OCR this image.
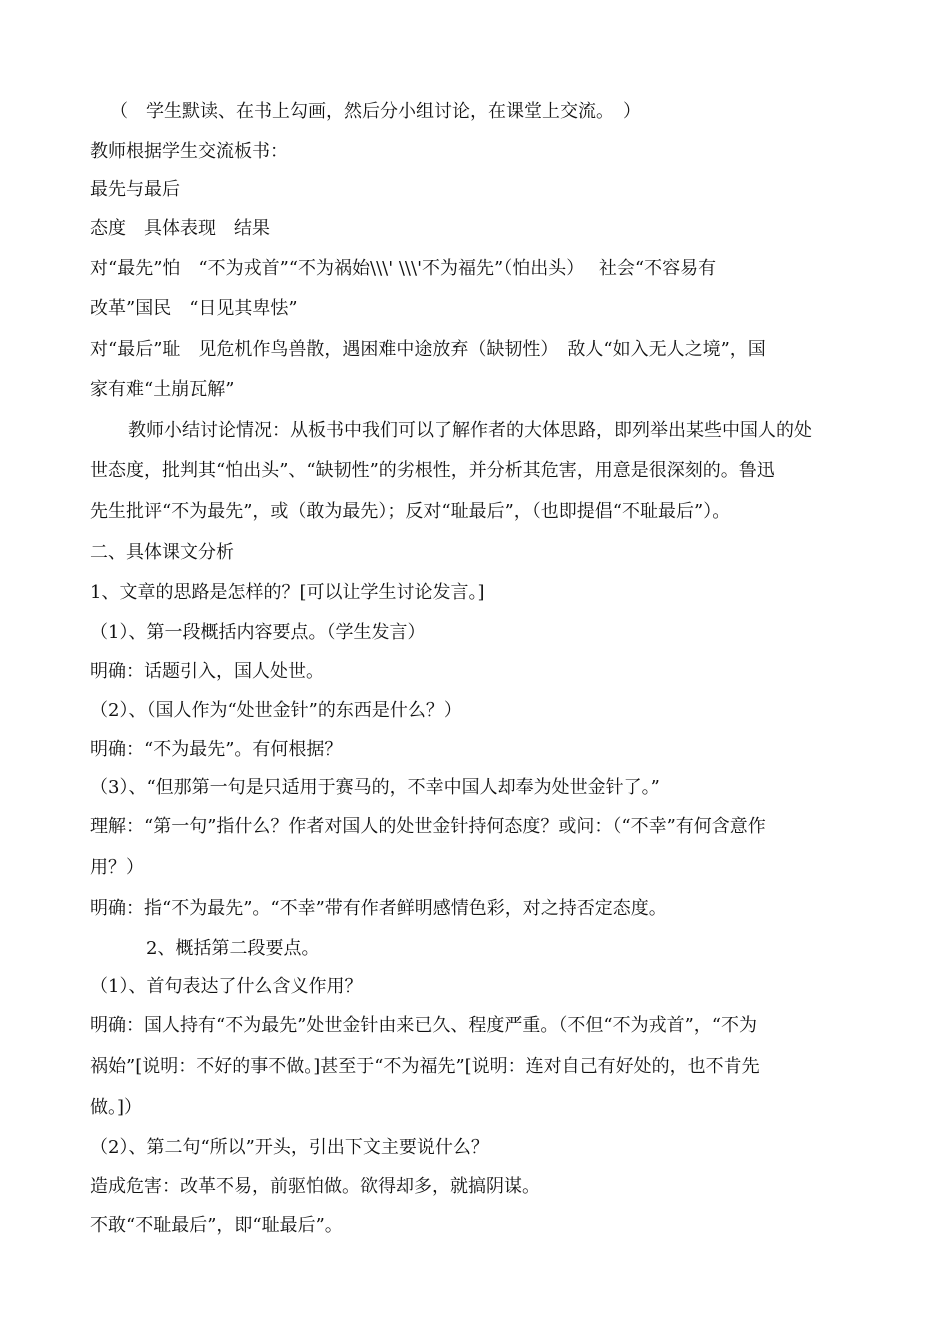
（　学生默读、在书上勾画，然后分小组讨论，在课堂上交流。　）
教师根据学生交流板书：
最先与最后
态度　具体表现　结果
对“最先”怕　“不为戎首”“不为祸始\\\' \\\'不为福先”（怕出头）　 社会“不容易有
改革”国民　“日见其卑怯”
对“最后”耻　见危机作鸟兽散，遇困难中途放弃（缺韧性）　敌人“如入无人之境”，国
家有难“土崩瓦解”
教师小结讨论情况：从板书中我们可以了解作者的大体思路，即列举出某些中国人的处
世态度，批判其“怕出头”、“缺韧性”的劣根性，并分析其危害，用意是很深刻的。鲁迅
先生批评“不为最先”，或（敢为最先）；反对“耻最后”，（也即提倡“不耻最后”）。
二、具体课文分析
1、文章的思路是怎样的？[可以让学生讨论发言。]
（1）、第一段概括内容要点。（学生发言）
明确：话题引入，国人处世。
（2）、（国人作为“处世金针”的东西是什么？）
明确：“不为最先”。有何根据？
（3）、“但那第一句是只适用于赛马的，不幸中国人却奉为处世金针了。”
理解：“第一句”指什么？作者对国人的处世金针持何态度？或问：（“不幸”有何含意作
用？）
明确：指“不为最先”。“不幸”带有作者鲜明感情色彩，对之持否定态度。
2、概括第二段要点。
（1）、首句表达了什么含义作用？
明确：国人持有“不为最先”处世金针由来已久、程度严重。（不但“不为戎首”，“不为
祸始”[说明：不好的事不做。]甚至于“不为福先”[说明：连对自己有好处的，也不肯先
做。]）
（2）、第二句“所以”开头，引出下文主要说什么？
造成危害：改革不易，前驱怕做。欲得却多，就搞阴谋。
不敢“不耻最后”，即“耻最后”。
